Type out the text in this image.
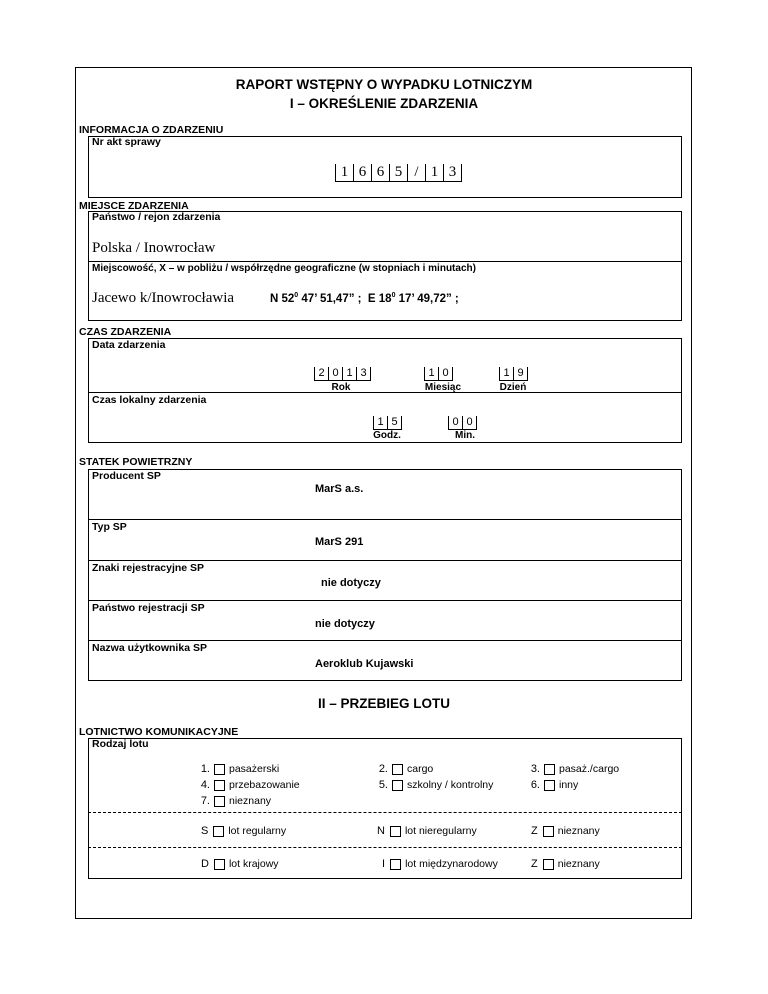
RAPORT WSTĘPNY O WYPADKU LOTNICZYM
I – OKREŚLENIE ZDARZENIA
INFORMACJA O ZDARZENIU
Nr akt sprawy
1 6 6 5 / 1 3
MIEJSCE ZDARZENIA
Państwo / rejon zdarzenia
Polska / Inowrocław
Miejscowość, X – w pobliżu / współrzędne geograficzne (w stopniach i minutach)
Jacewo k/Inowrocławia	N $52^0$ 47’ 51,47” ; E $18^0$ 17’ 49,72” ;
CZAS ZDARZENIA
Data zdarzenia
2 0 1 3
Rok
1 0
Miesiąc
1 9
Dzień
Czas lokalny zdarzenia
1 5
Godz.
0 0
Min.
STATEK POWIETRZNY
Producent SP
MarS a.s.
Typ SP
MarS 291
Znaki rejestracyjne SP
nie dotyczy
Państwo rejestracji SP
nie dotyczy
Nazwa użytkownika SP
Aeroklub Kujawski
II – PRZEBIEG LOTU
LOTNICTWO KOMUNIKACYJNE
Rodzaj lotu
1. pasażerski	2. cargo	3. pasaż./cargo
4. przebazowanie	5. szkolny / kontrolny	6. inny
7. nieznany
S lot regularny	N lot nieregularny	Z nieznany
D lot krajowy	I lot międzynarodowy	Z nieznany
